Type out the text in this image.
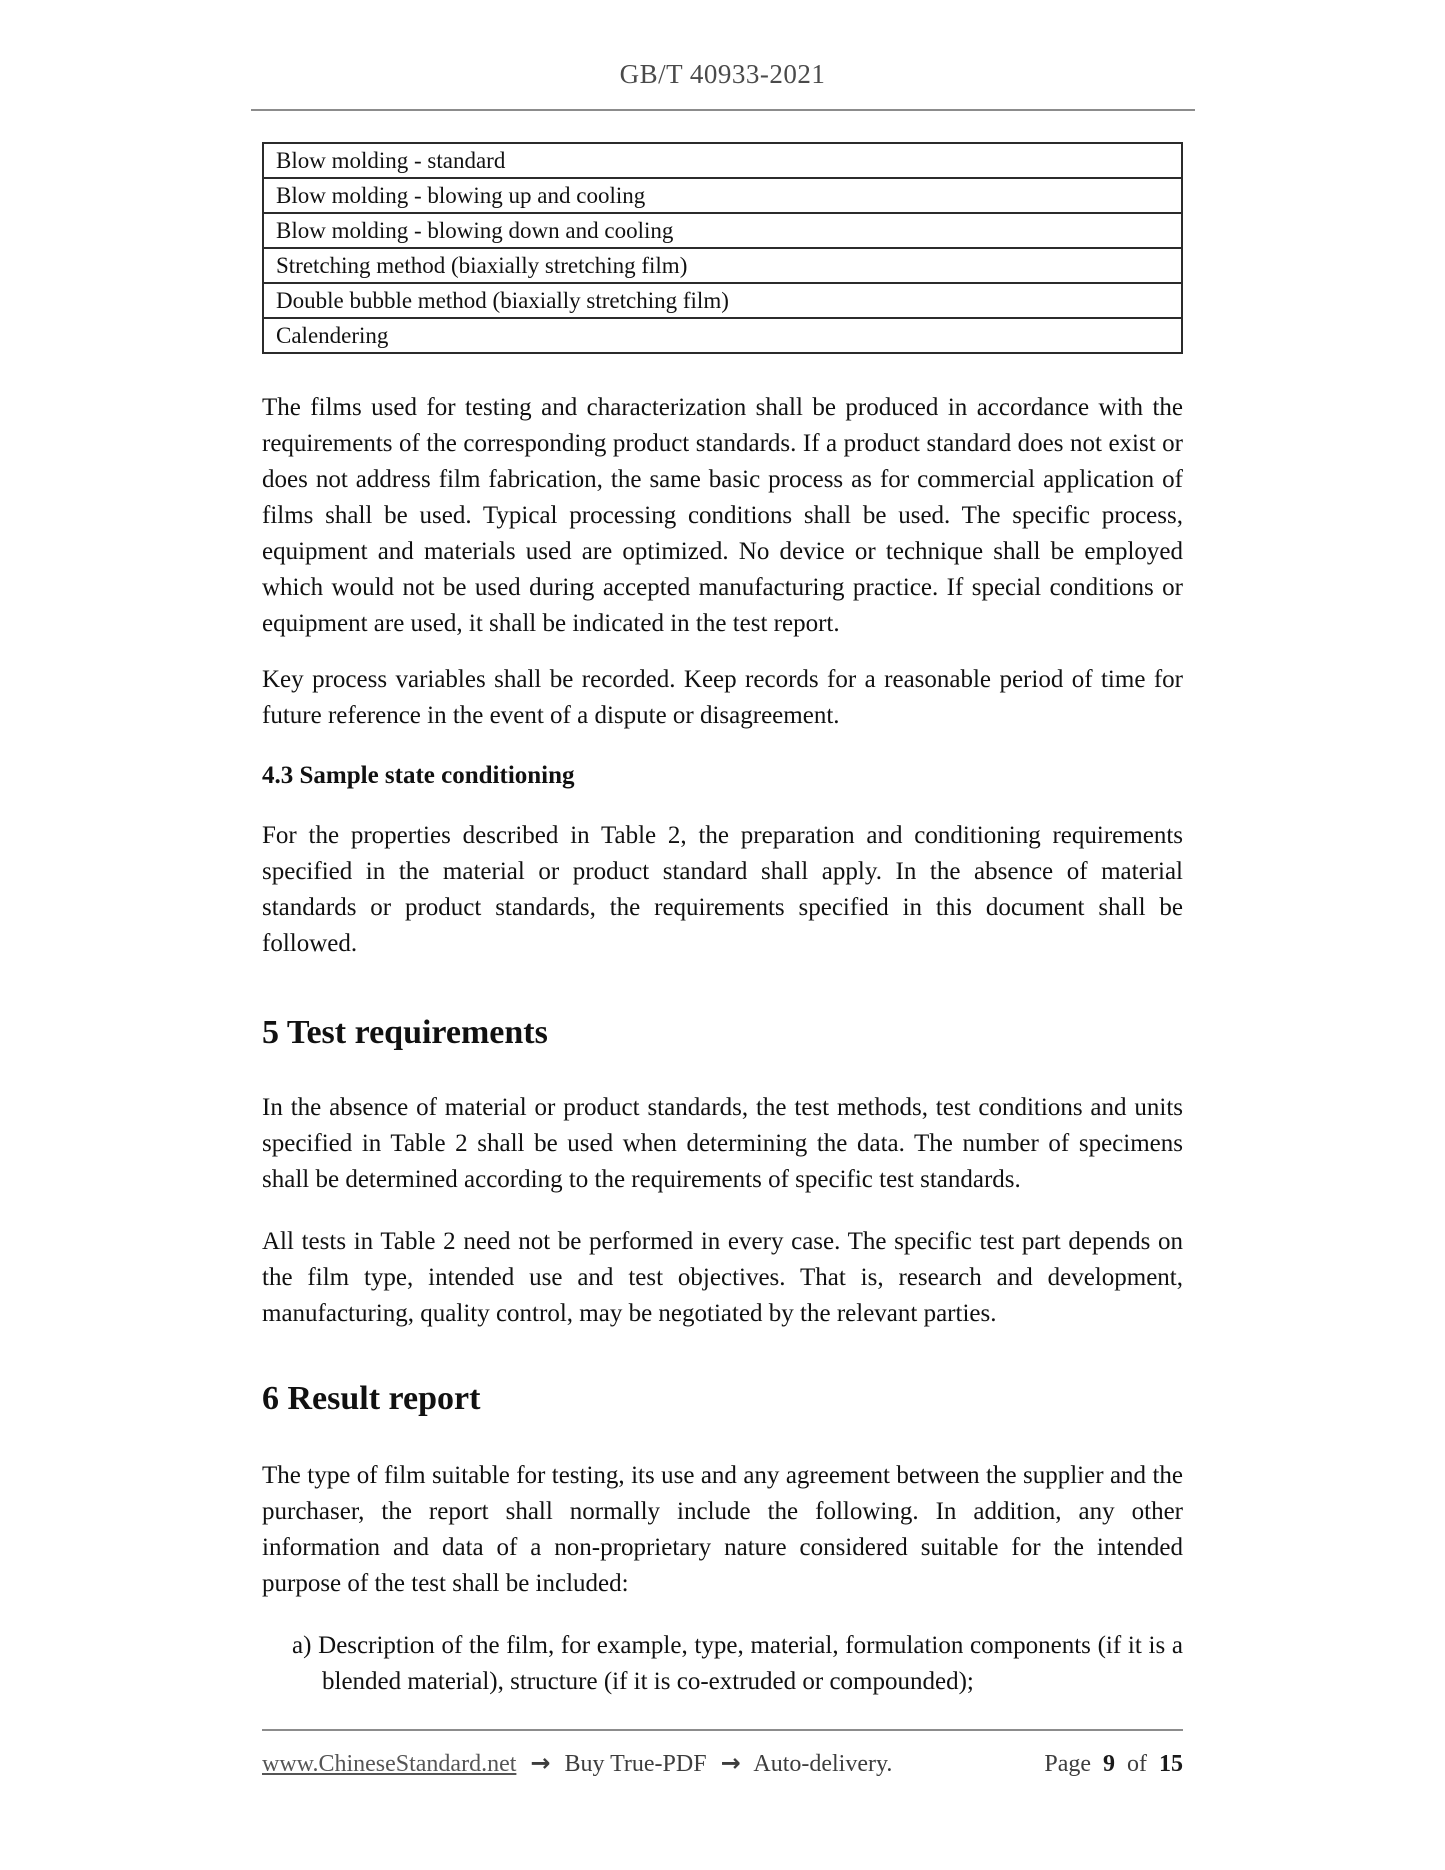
GB/T 40933-2021
Blow molding - standard
Blow molding - blowing up and cooling
Blow molding - blowing down and cooling
Stretching method (biaxially stretching film)
Double bubble method (biaxially stretching film)
Calendering

The films used for testing and characterization shall be produced in accordance with the requirements of the corresponding product standards. If a product standard does not exist or does not address film fabrication, the same basic process as for commercial application of films shall be used. Typical processing conditions shall be used. The specific process, equipment and materials used are optimized. No device or technique shall be employed which would not be used during accepted manufacturing practice. If special conditions or equipment are used, it shall be indicated in the test report.

Key process variables shall be recorded. Keep records for a reasonable period of time for future reference in the event of a dispute or disagreement.

4.3 Sample state conditioning

For the properties described in Table 2, the preparation and conditioning requirements specified in the material or product standard shall apply. In the absence of material standards or product standards, the requirements specified in this document shall be followed.

5 Test requirements

In the absence of material or product standards, the test methods, test conditions and units specified in Table 2 shall be used when determining the data. The number of specimens shall be determined according to the requirements of specific test standards.

All tests in Table 2 need not be performed in every case. The specific test part depends on the film type, intended use and test objectives. That is, research and development, manufacturing, quality control, may be negotiated by the relevant parties.

6 Result report

The type of film suitable for testing, its use and any agreement between the supplier and the purchaser, the report shall normally include the following. In addition, any other information and data of a non-proprietary nature considered suitable for the intended purpose of the test shall be included:

a) Description of the film, for example, type, material, formulation components (if it is a blended material), structure (if it is co-extruded or compounded);

www.ChineseStandard.net → Buy True-PDF → Auto-delivery.	Page 9 of 15
